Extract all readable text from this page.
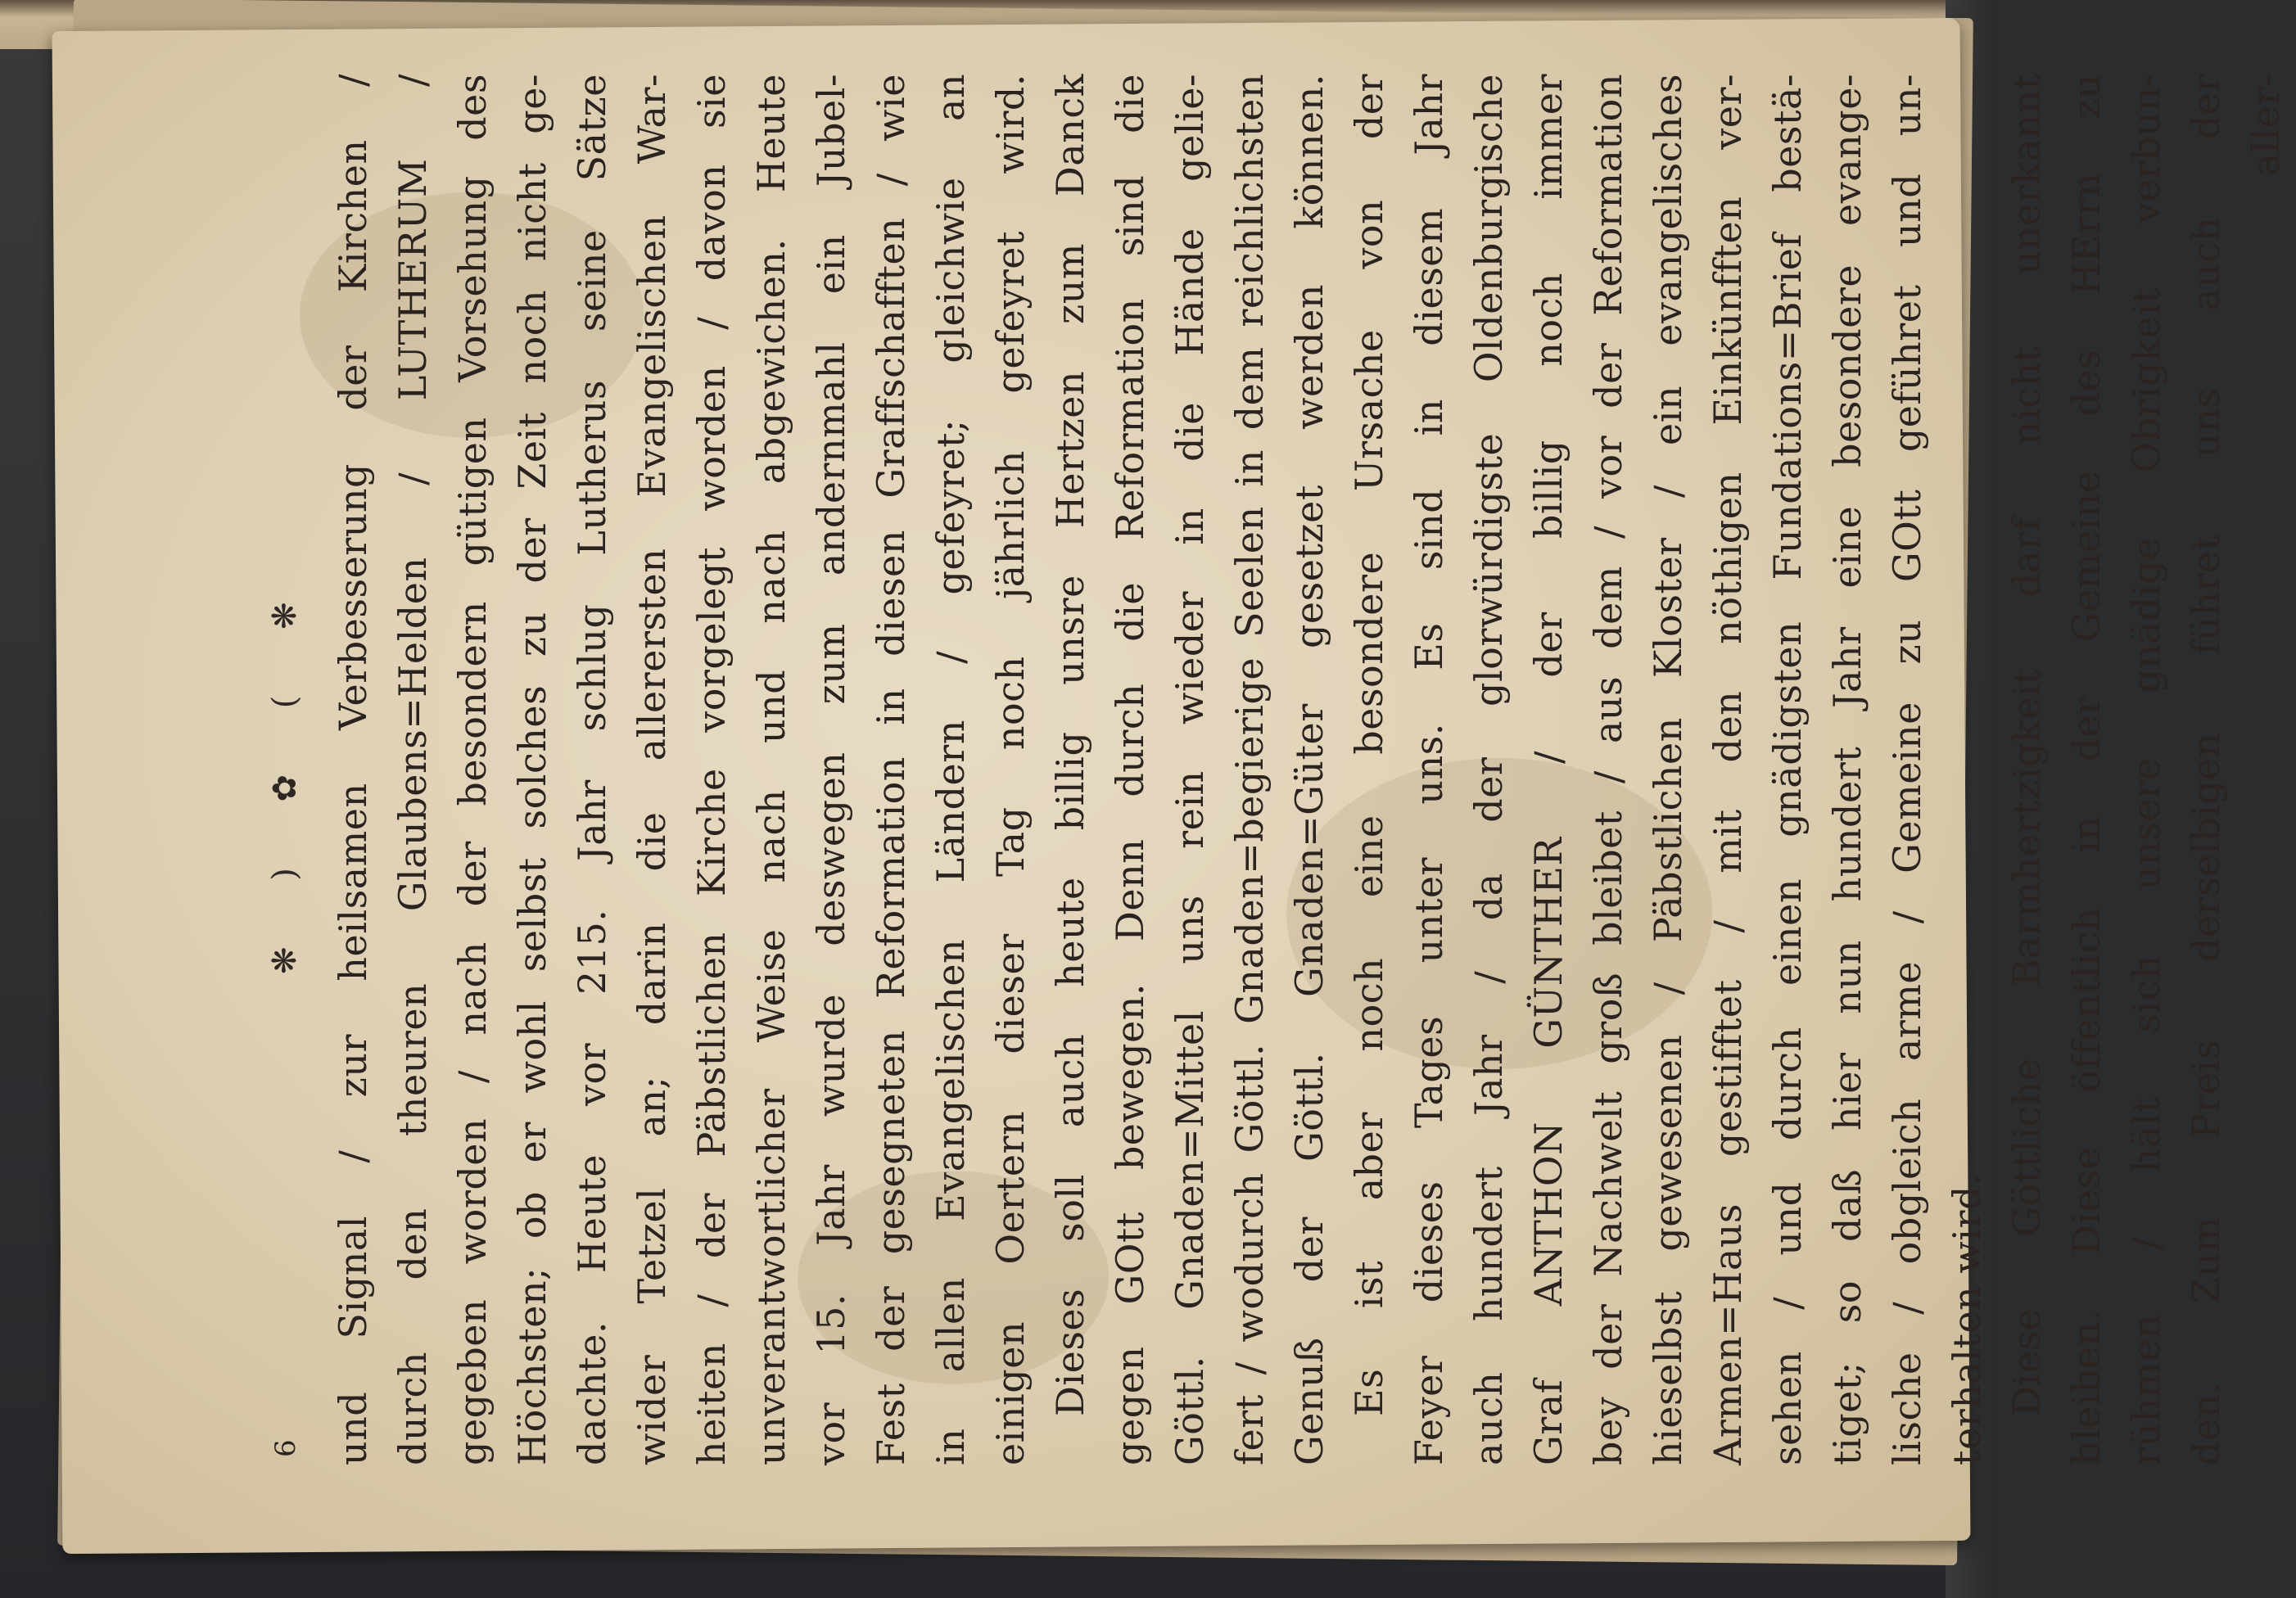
6
❋ ) ✿ ( ❋ und Signal / zur heilsamen Verbesserung der Kirchen / durch den theuren Glaubens=Helden / LUTHERUM / gegeben worden / nach der besondern gütigen Vorsehung des Höchsten; ob er wohl selbst solches zu der Zeit noch nicht ge- dachte. Heute vor 215. Jahr schlug Lutherus seine Sätze wider Tetzel an; darin die allerersten Evangelischen War- heiten / der Päbstlichen Kirche vorgelegt worden / davon sie unverantwortlicher Weise nach und nach abgewichen. Heute vor 15. Jahr wurde deswegen zum andernmahl ein Jubel- Fest der gesegneten Reformation in diesen Graffschafften / wie in allen Evangelischen Ländern / gefeyret; gleichwie an einigen Oertern dieser Tag noch jährlich gefeyret wird. Dieses soll auch heute billig unsre Hertzen zum Danck gegen GOtt bewegen. Denn durch die Reformation sind die Göttl. Gnaden=Mittel uns rein wieder in die Hände gelie- fert / wodurch Göttl. Gnaden=begierige Seelen in dem reichlichsten Genuß der Göttl. Gnaden=Güter gesetzet werden können. Es ist aber noch eine besondere Ursache von der Feyer dieses Tages unter uns. Es sind in diesem Jahr auch hundert Jahr / da der glorwürdigste Oldenburgische Graf ANTHON GÜNTHER / der billig noch immer bey der Nachwelt groß bleibet / aus dem / vor der Reformation hieselbst gewesenen / Päbstlichen Kloster / ein evangelisches Armen=Haus gestifftet / mit den nöthigen Einkünfften ver- sehen / und durch einen gnädigsten Fundations=Brief bestä- tiget; so daß hier nun hundert Jahr eine besondere evange- lische / obgleich arme / Gemeine zu GOtt geführet und un- terhalten wird. Diese Göttliche Barmhertzigkeit darf nicht unerkannt bleiben. Diese öffentlich in der Gemeine des HErrn zu rühmen / hält sich unsere gnädige Obrigkeit verbun- den. Zum Preis derselbigen führet uns auch der aller-
